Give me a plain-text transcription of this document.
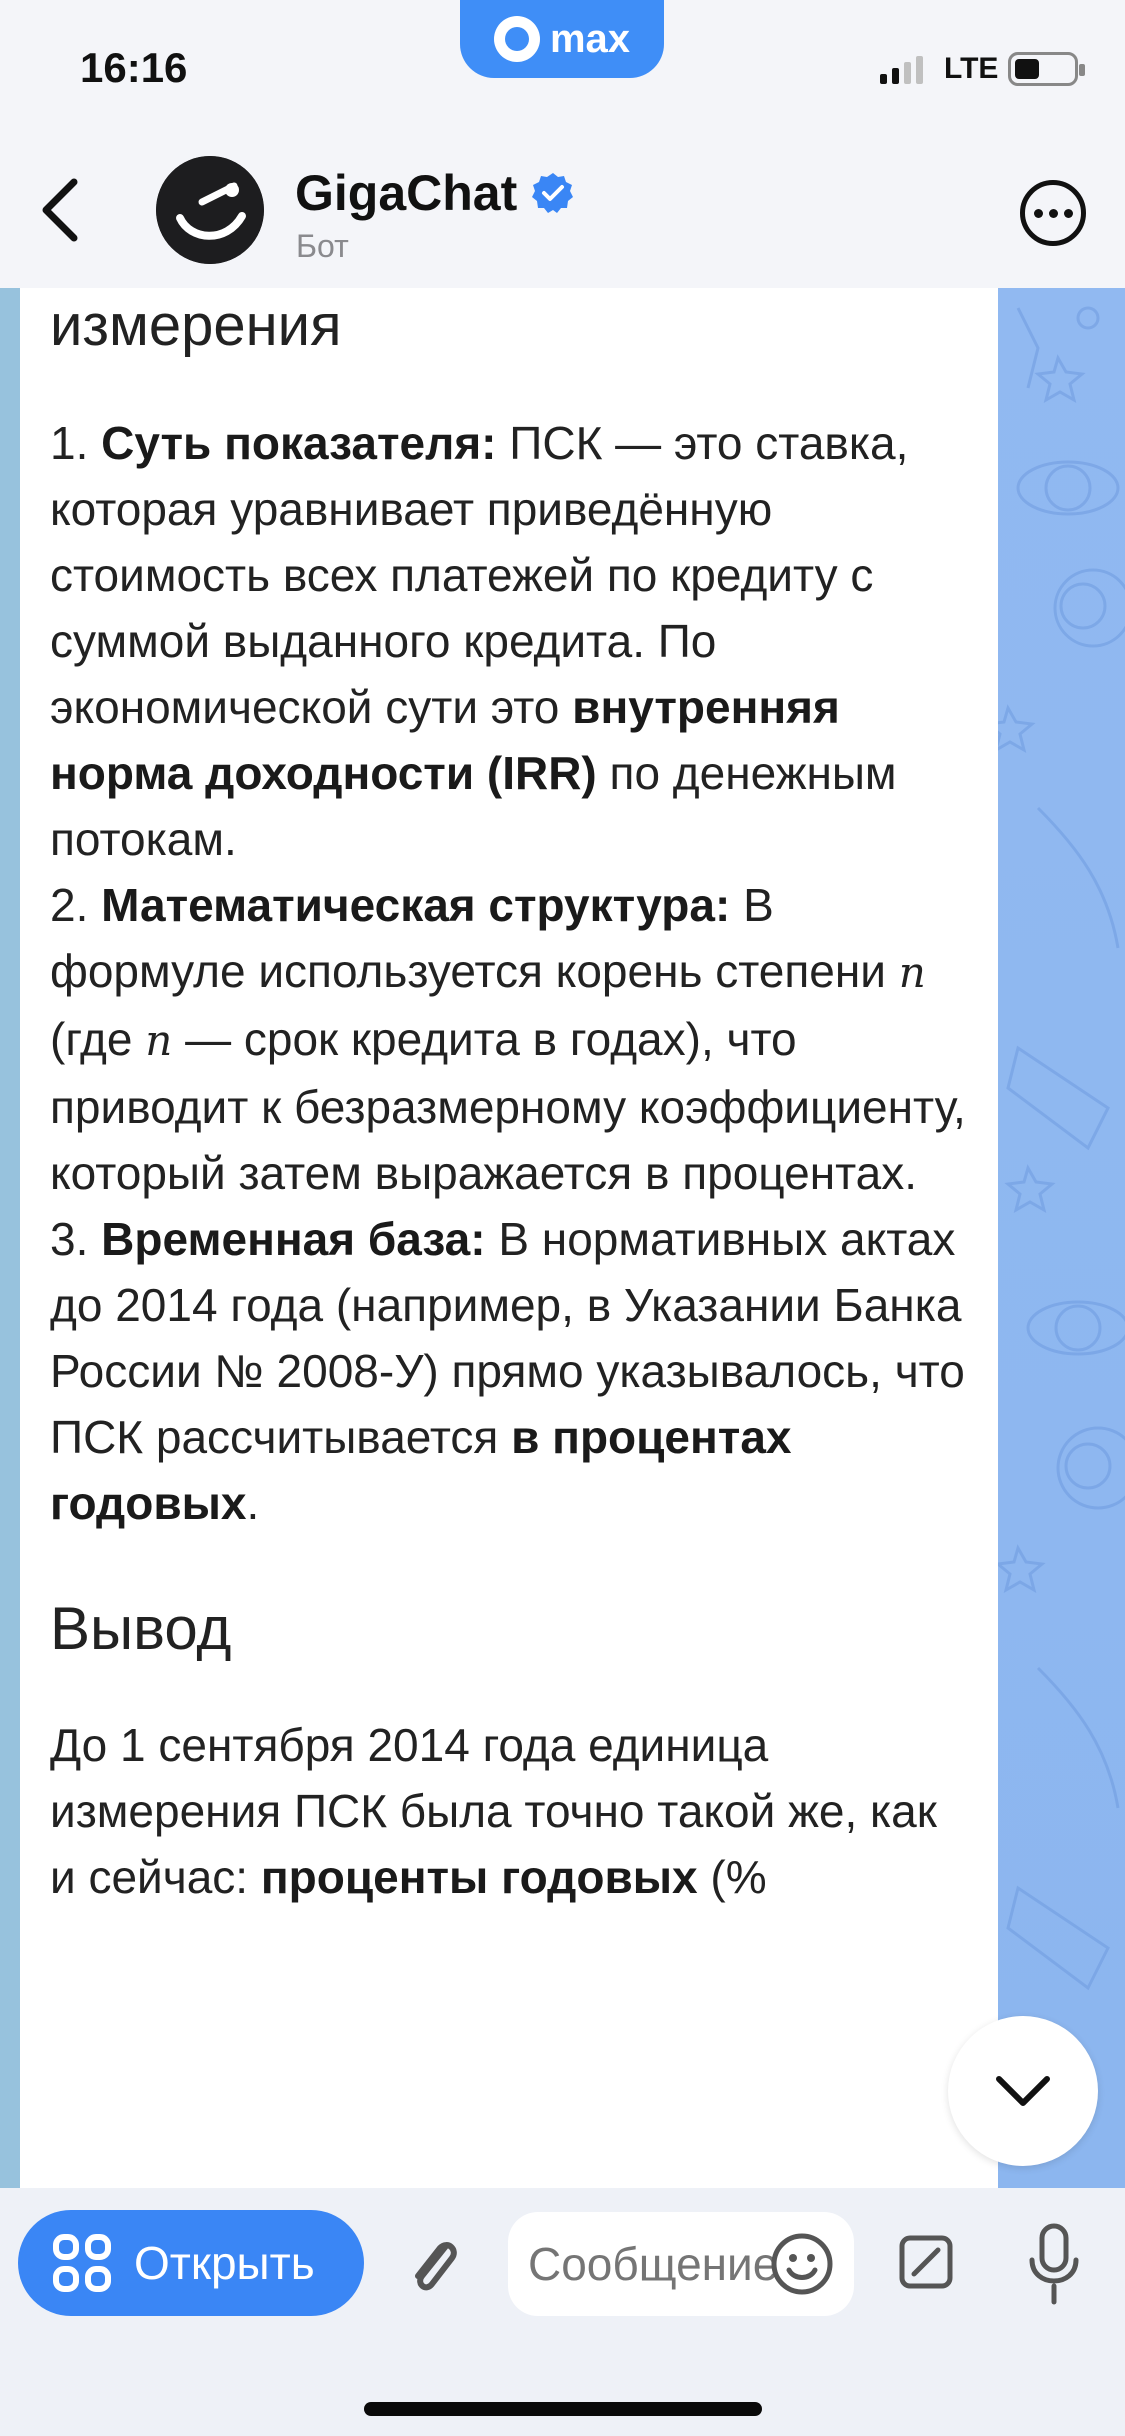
16:16
max
LTE
GigaChat
Бот
измерения
1. Суть показателя: ПСК — это ставка, которая уравнивает приведённую стоимость всех платежей по кредиту с суммой выданного кредита. По экономической сути это внутренняя норма доходности (IRR) по денежным потокам.
2. Математическая структура: В формуле используется корень степени n (где n — срок кредита в годах), что приводит к безразмерному коэффициенту, который затем выражается в процентах.
3. Временная база: В нормативных актах до 2014 года (например, в Указании Банка России № 2008-У) прямо указывалось, что ПСК рассчитывается в процентах годовых.
Вывод
До 1 сентября 2014 года единица измерения ПСК была точно такой же, как и сейчас: проценты годовых (%
Открыть
Сообщение
